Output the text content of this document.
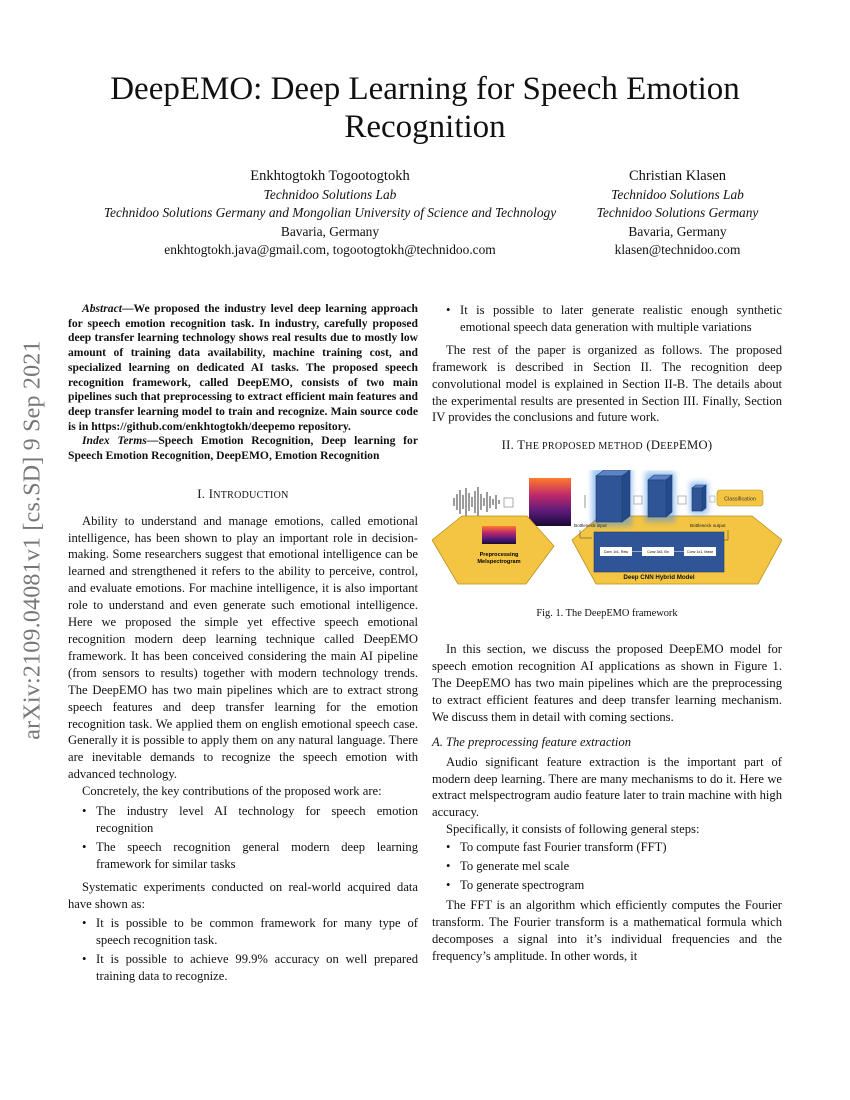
arXiv:2109.04081v1 [cs.SD] 9 Sep 2021
DeepEMO: Deep Learning for Speech Emotion Recognition
Enkhtogtokh Togootogtokh
Technidoo Solutions Lab
Technidoo Solutions Germany and Mongolian University of Science and Technology
Bavaria, Germany
enkhtogtokh.java@gmail.com, togootogtokh@technidoo.com
Christian Klasen
Technidoo Solutions Lab
Technidoo Solutions Germany
Bavaria, Germany
klasen@technidoo.com

Abstract—We proposed the industry level deep learning approach for speech emotion recognition task. In industry, carefully proposed deep transfer learning technology shows real results due to mostly low amount of training data availability, machine training cost, and specialized learning on dedicated AI tasks. The proposed speech recognition framework, called DeepEMO, consists of two main pipelines such that preprocessing to extract efficient main features and deep transfer learning model to train and recognize. Main source code is in https://github.com/enkhtogtokh/deepemo repository.

Index Terms—Speech Emotion Recognition, Deep learning for Speech Emotion Recognition, DeepEMO, Emotion Recognition

I. INTRODUCTION

Ability to understand and manage emotions, called emotional intelligence, has been shown to play an important role in decision-making. Some researchers suggest that emotional intelligence can be learned and strengthened it refers to the ability to perceive, control, and evaluate emotions. For machine intelligence, it is also important role to understand and even generate such emotional intelligence. Here we proposed the simple yet effective speech emotional recognition modern deep learning technique called DeepEMO framework. It has been conceived considering the main AI pipeline (from sensors to results) together with modern technology trends. The DeepEMO has two main pipelines which are to extract strong speech features and deep transfer learning for the emotion recognition task. We applied them on english emotional speech case. Generally it is possible to apply them on any natural language. There are inevitable demands to recognize the speech emotion with advanced technology.

Concretely, the key contributions of the proposed work are:

• The industry level AI technology for speech emotion recognition
• The speech recognition general modern deep learning framework for similar tasks

Systematic experiments conducted on real-world acquired data have shown as:

• It is possible to be common framework for many type of speech recognition task.
• It is possible to achieve 99.9% accuracy on well prepared training data to recognize.
• It is possible to later generate realistic enough synthetic emotional speech data generation with multiple variations

The rest of the paper is organized as follows. The proposed framework is described in Section II. The recognition deep convolutional model is explained in Section II-B. The details about the experimental results are presented in Section III. Finally, Section IV provides the conclusions and future work.

II. THE PROPOSED METHOD (DEEPEMO)

Preprocessing
Melspectrogram
Classification
Bottleneck input	Bottleneck output
Conv 1x1, Relu	Conv 3x3, Bn	Conv 1x1, linear
Deep CNN Hybrid Model

Fig. 1. The DeepEMO framework

In this section, we discuss the proposed DeepEMO model for speech emotion recognition AI applications as shown in Figure 1. The DeepEMO has two main pipelines which are the preprocessing to extract efficient features and deep transfer learning mechanism. We discuss them in detail with coming sections.

A. The preprocessing feature extraction

Audio significant feature extraction is the important part of modern deep learning. There are many mechanisms to do it. Here we extract melspectrogram audio feature later to train machine with high accuracy.

Specifically, it consists of following general steps:

• To compute fast Fourier transform (FFT)
• To generate mel scale
• To generate spectrogram

The FFT is an algorithm which efficiently computes the Fourier transform. The Fourier transform is a mathematical formula which decomposes a signal into it’s individual frequencies and the frequency’s amplitude. In other words, it
